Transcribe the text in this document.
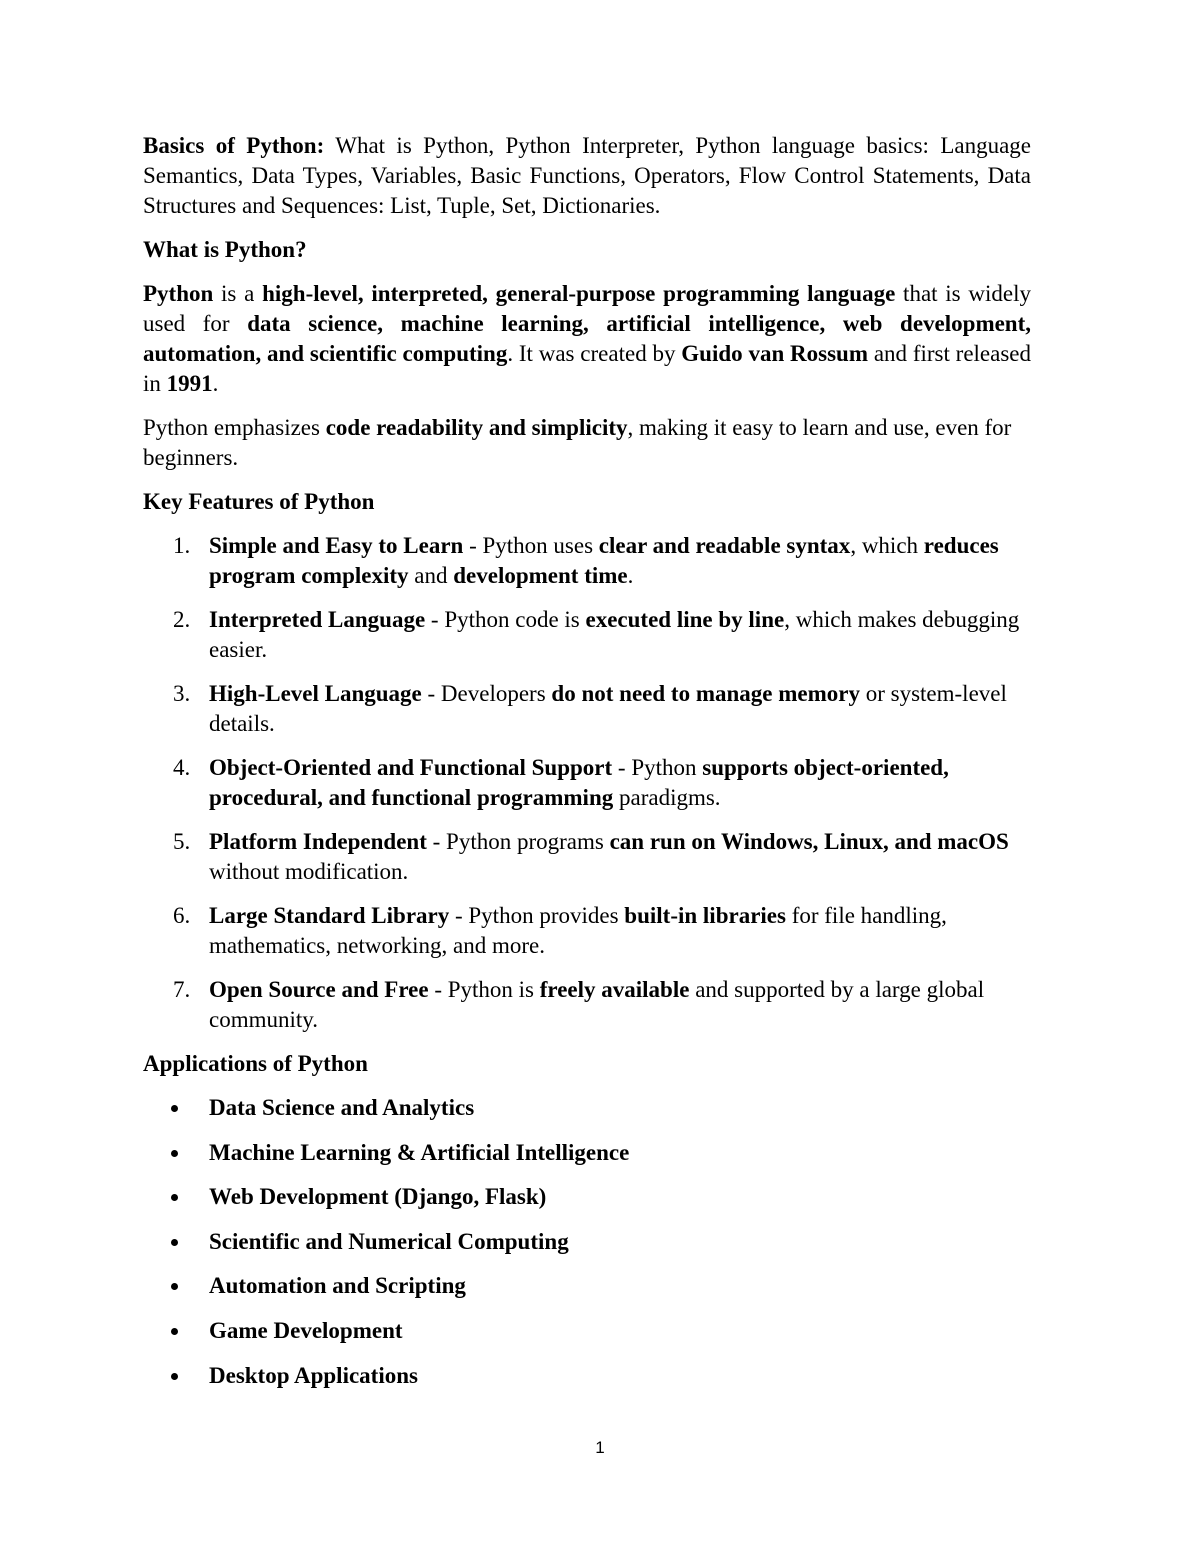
Basics of Python: What is Python, Python Interpreter, Python language basics: Language Semantics, Data Types, Variables, Basic Functions, Operators, Flow Control Statements, Data Structures and Sequences: List, Tuple, Set, Dictionaries.

What is Python?

Python is a high-level, interpreted, general-purpose programming language that is widely used for data science, machine learning, artificial intelligence, web development, automation, and scientific computing. It was created by Guido van Rossum and first released in 1991.

Python emphasizes code readability and simplicity, making it easy to learn and use, even for beginners.

Key Features of Python
1. Simple and Easy to Learn - Python uses clear and readable syntax, which reduces program complexity and development time.
2. Interpreted Language - Python code is executed line by line, which makes debugging easier.
3. High-Level Language - Developers do not need to manage memory or system-level details.
4. Object-Oriented and Functional Support - Python supports object-oriented, procedural, and functional programming paradigms.
5. Platform Independent - Python programs can run on Windows, Linux, and macOS without modification.
6. Large Standard Library - Python provides built-in libraries for file handling, mathematics, networking, and more.
7. Open Source and Free - Python is freely available and supported by a large global community.
Applications of Python
Data Science and Analytics
Machine Learning & Artificial Intelligence
Web Development (Django, Flask)
Scientific and Numerical Computing
Automation and Scripting
Game Development
Desktop Applications
1
